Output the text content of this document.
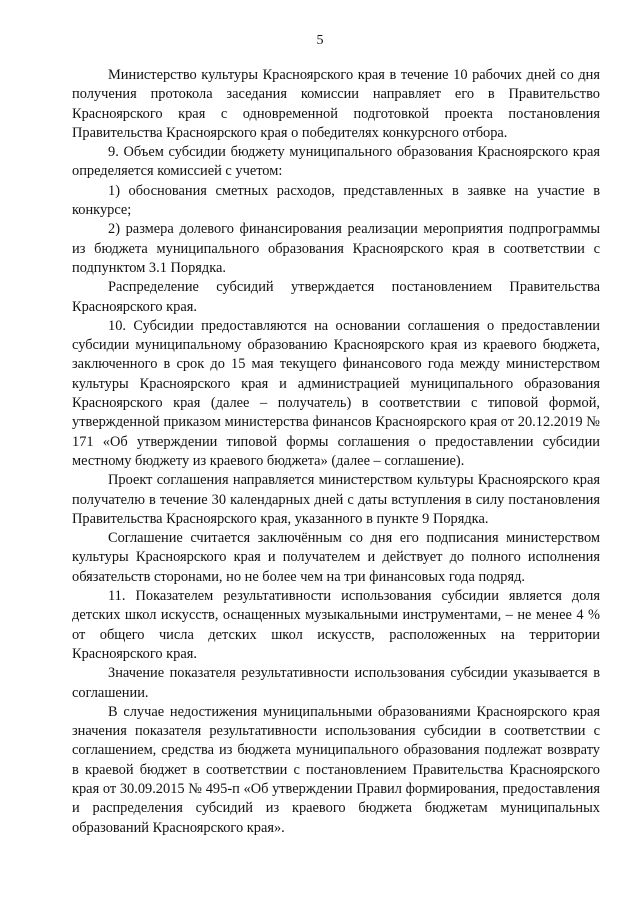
5

Министерство культуры Красноярского края в течение 10 рабочих дней со дня получения протокола заседания комиссии направляет его в Правительство Красноярского края с одновременной подготовкой проекта постановления Правительства Красноярского края о победителях конкурсного отбора.

9. Объем субсидии бюджету муниципального образования Красноярского края определяется комиссией с учетом:

1) обоснования сметных расходов, представленных в заявке на участие в конкурсе;

2) размера долевого финансирования реализации мероприятия подпрограммы из бюджета муниципального образования Красноярского края в соответствии с подпунктом 3.1 Порядка.

Распределение субсидий утверждается постановлением Правительства Красноярского края.

10. Субсидии предоставляются на основании соглашения о предоставлении субсидии муниципальному образованию Красноярского края из краевого бюджета, заключенного в срок до 15 мая текущего финансового года между министерством культуры Красноярского края и администрацией муниципального образования Красноярского края (далее – получатель) в соответствии с типовой формой, утвержденной приказом министерства финансов Красноярского края от 20.12.2019 № 171 «Об утверждении типовой формы соглашения о предоставлении субсидии местному бюджету из краевого бюджета» (далее – соглашение).

Проект соглашения направляется министерством культуры Красноярского края получателю в течение 30 календарных дней с даты вступления в силу постановления Правительства Красноярского края, указанного в пункте 9 Порядка.

Соглашение считается заключённым со дня его подписания министерством культуры Красноярского края и получателем и действует до полного исполнения обязательств сторонами, но не более чем на три финансовых года подряд.

11. Показателем результативности использования субсидии является доля детских школ искусств, оснащенных музыкальными инструментами, – не менее 4 % от общего числа детских школ искусств, расположенных на территории Красноярского края.

Значение показателя результативности использования субсидии указывается в соглашении.

В случае недостижения муниципальными образованиями Красноярского края значения показателя результативности использования субсидии в соответствии с соглашением, средства из бюджета муниципального образования подлежат возврату в краевой бюджет в соответствии с постановлением Правительства Красноярского края от 30.09.2015 № 495-п «Об утверждении Правил формирования, предоставления и распределения субсидий из краевого бюджета бюджетам муниципальных образований Красноярского края».
